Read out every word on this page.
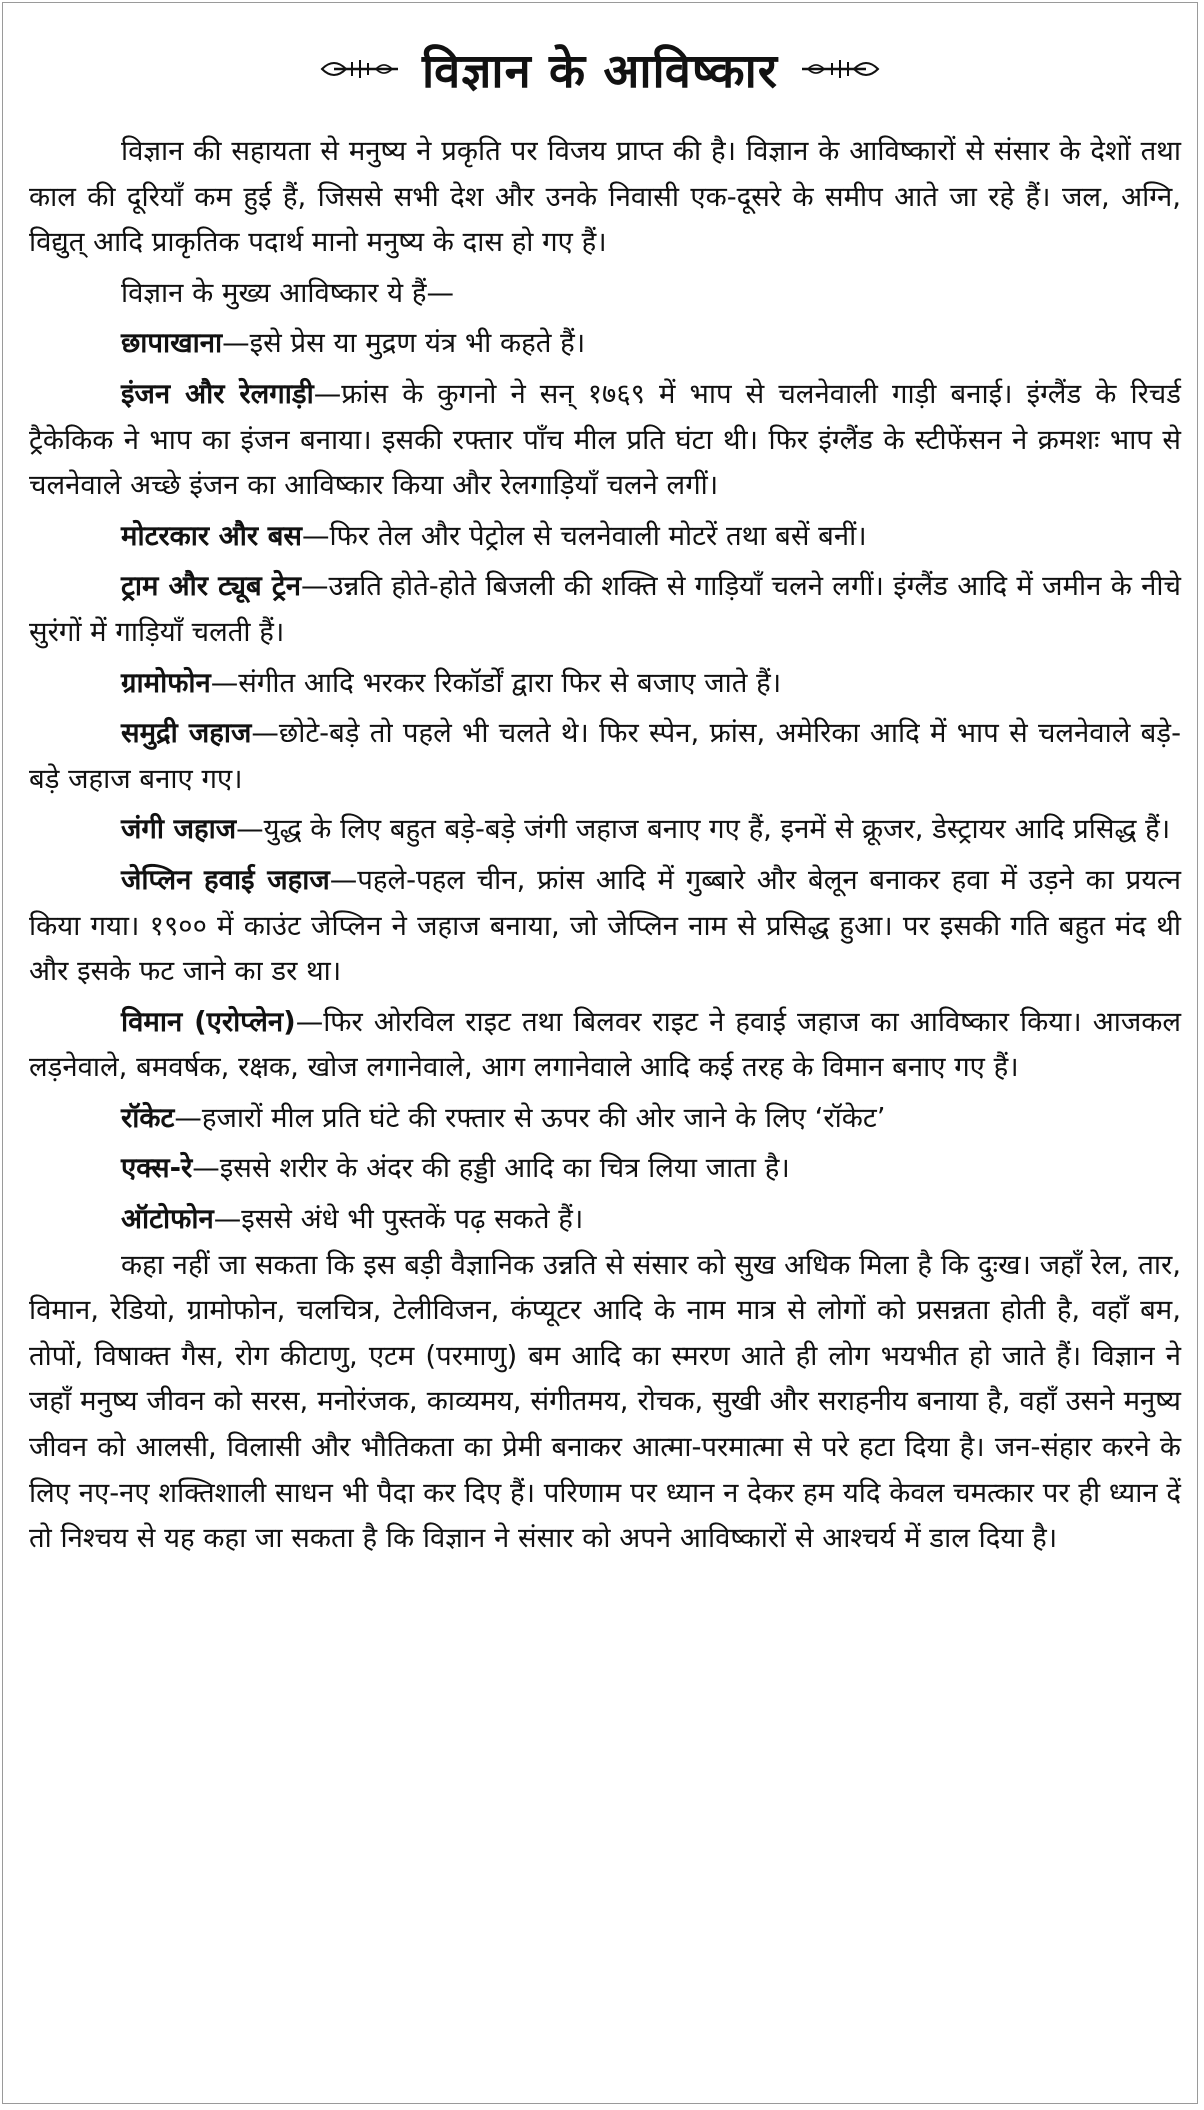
विज्ञान के आविष्कार

विज्ञान की सहायता से मनुष्य ने प्रकृति पर विजय प्राप्त की है। विज्ञान के आविष्कारों से संसार के देशों तथा काल की दूरियाँ कम हुई हैं, जिससे सभी देश और उनके निवासी एक-दूसरे के समीप आते जा रहे हैं। जल, अग्नि, विद्युत् आदि प्राकृतिक पदार्थ मानो मनुष्य के दास हो गए हैं।

विज्ञान के मुख्य आविष्कार ये हैं—

छापाखाना—इसे प्रेस या मुद्रण यंत्र भी कहते हैं।

इंजन और रेलगाड़ी—फ्रांस के कुगनो ने सन् १७६९ में भाप से चलनेवाली गाड़ी बनाई। इंग्लैंड के रिचर्ड ट्रैकेकिक ने भाप का इंजन बनाया। इसकी रफ्तार पाँच मील प्रति घंटा थी। फिर इंग्लैंड के स्टीफेंसन ने क्रमशः भाप से चलनेवाले अच्छे इंजन का आविष्कार किया और रेलगाड़ियाँ चलने लगीं।

मोटरकार और बस—फिर तेल और पेट्रोल से चलनेवाली मोटरें तथा बसें बनीं।

ट्राम और ट्यूब ट्रेन—उन्नति होते-होते बिजली की शक्ति से गाड़ियाँ चलने लगीं। इंग्लैंड आदि में जमीन के नीचे सुरंगों में गाड़ियाँ चलती हैं।

ग्रामोफोन—संगीत आदि भरकर रिकॉर्डों द्वारा फिर से बजाए जाते हैं।

समुद्री जहाज—छोटे-बड़े तो पहले भी चलते थे। फिर स्पेन, फ्रांस, अमेरिका आदि में भाप से चलनेवाले बड़े-बड़े जहाज बनाए गए।

जंगी जहाज—युद्ध के लिए बहुत बड़े-बड़े जंगी जहाज बनाए गए हैं, इनमें से क्रूजर, डेस्ट्रायर आदि प्रसिद्ध हैं।

जेप्लिन हवाई जहाज—पहले-पहल चीन, फ्रांस आदि में गुब्बारे और बेलून बनाकर हवा में उड़ने का प्रयत्न किया गया। १९०० में काउंट जेप्लिन ने जहाज बनाया, जो जेप्लिन नाम से प्रसिद्ध हुआ। पर इसकी गति बहुत मंद थी और इसके फट जाने का डर था।

विमान (एरोप्लेन)—फिर ओरविल राइट तथा बिलवर राइट ने हवाई जहाज का आविष्कार किया। आजकल लड़नेवाले, बमवर्षक, रक्षक, खोज लगानेवाले, आग लगानेवाले आदि कई तरह के विमान बनाए गए हैं।

रॉकेट—हजारों मील प्रति घंटे की रफ्तार से ऊपर की ओर जाने के लिए ‘रॉकेट’

एक्स-रे—इससे शरीर के अंदर की हड्डी आदि का चित्र लिया जाता है।

ऑटोफोन—इससे अंधे भी पुस्तकें पढ़ सकते हैं।

कहा नहीं जा सकता कि इस बड़ी वैज्ञानिक उन्नति से संसार को सुख अधिक मिला है कि दुःख। जहाँ रेल, तार, विमान, रेडियो, ग्रामोफोन, चलचित्र, टेलीविजन, कंप्यूटर आदि के नाम मात्र से लोगों को प्रसन्नता होती है, वहाँ बम, तोपों, विषाक्त गैस, रोग कीटाणु, एटम (परमाणु) बम आदि का स्मरण आते ही लोग भयभीत हो जाते हैं। विज्ञान ने जहाँ मनुष्य जीवन को सरस, मनोरंजक, काव्यमय, संगीतमय, रोचक, सुखी और सराहनीय बनाया है, वहाँ उसने मनुष्य जीवन को आलसी, विलासी और भौतिकता का प्रेमी बनाकर आत्मा-परमात्मा से परे हटा दिया है। जन-संहार करने के लिए नए-नए शक्तिशाली साधन भी पैदा कर दिए हैं। परिणाम पर ध्यान न देकर हम यदि केवल चमत्कार पर ही ध्यान दें तो निश्चय से यह कहा जा सकता है कि विज्ञान ने संसार को अपने आविष्कारों से आश्चर्य में डाल दिया है।
